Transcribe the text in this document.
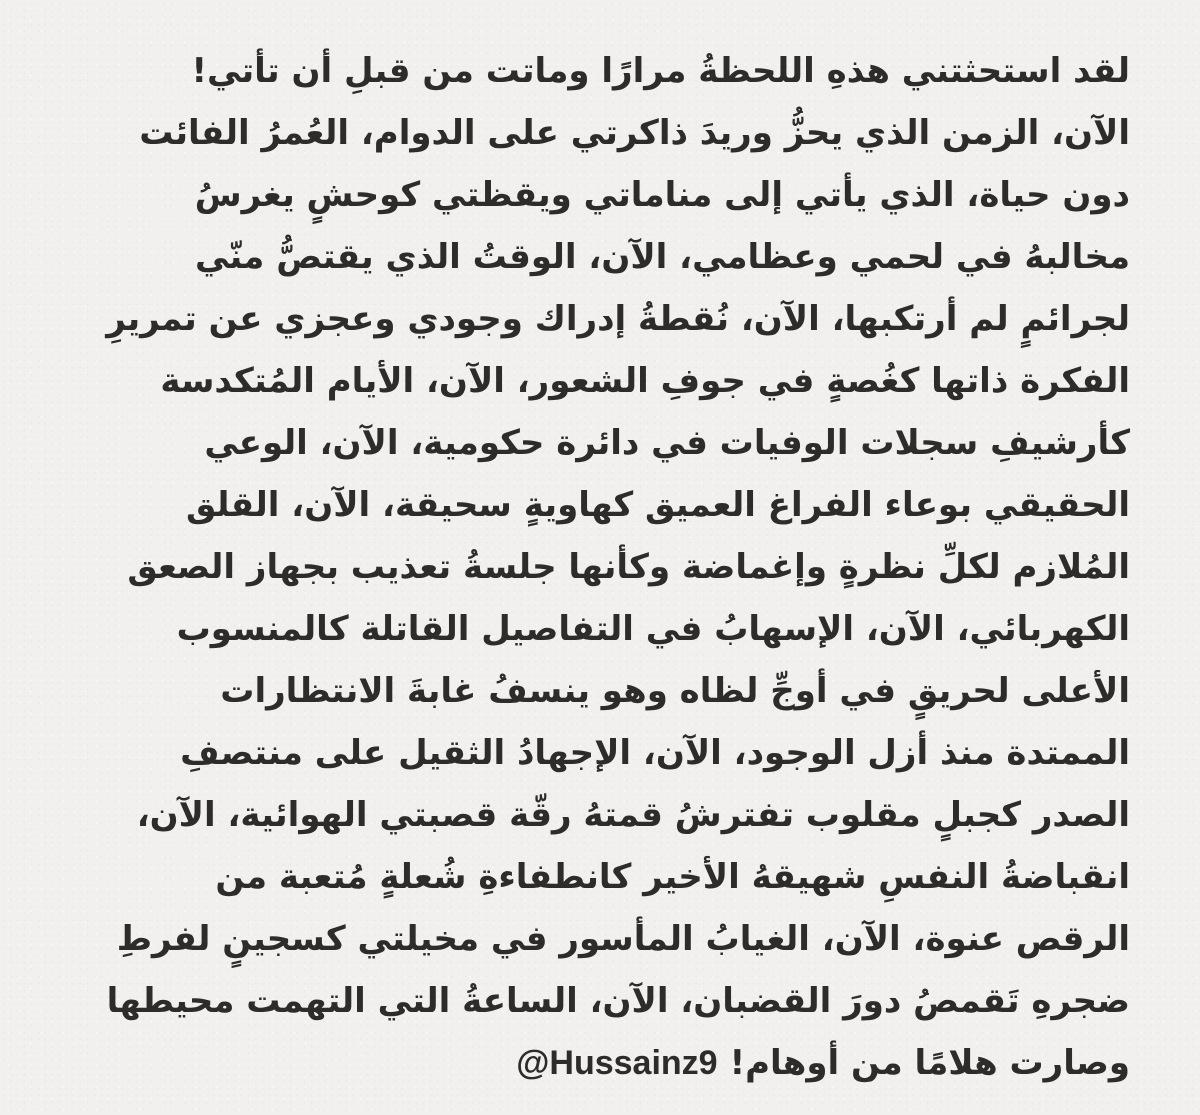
لقد استحثتني هذهِ اللحظةُ مرارًا وماتت من قبلِ أن تأتي!
الآن، الزمن الذي يحزُّ وريدَ ذاكرتي على الدوام، العُمرُ الفائت
دون حياة، الذي يأتي إلى مناماتي ويقظتي كوحشٍ يغرسُ
مخالبهُ في لحمي وعظامي، الآن، الوقتُ الذي يقتصُّ منّي
لجرائمٍ لم أرتكبها، الآن، نُقطةُ إدراك وجودي وعجزي عن تمريرِ
الفكرة ذاتها كغُصةٍ في جوفِ الشعور، الآن، الأيام المُتكدسة
كأرشيفِ سجلات الوفيات في دائرة حكومية، الآن، الوعي
الحقيقي بوعاء الفراغ العميق كهاويةٍ سحيقة، الآن، القلق
المُلازم لكلِّ نظرةٍ وإغماضة وكأنها جلسةُ تعذيب بجهاز الصعق
الكهربائي، الآن، الإسهابُ في التفاصيل القاتلة كالمنسوب
الأعلى لحريقٍ في أوجِّ لظاه وهو ينسفُ غابةَ الانتظارات
الممتدة منذ أزل الوجود، الآن، الإجهادُ الثقيل على منتصفِ
الصدر كجبلٍ مقلوب تفترشُ قمتهُ رقّة قصبتي الهوائية، الآن،
انقباضةُ النفسِ شهيقهُ الأخير كانطفاءةِ شُعلةٍ مُتعبة من
الرقص عنوة، الآن، الغيابُ المأسور في مخيلتي كسجينٍ لفرطِ
ضجرهِ تَقمصُ دورَ القضبان، الآن، الساعةُ التي التهمت محيطها
وصارت هلامًا من أوهام!@Hussainz9
